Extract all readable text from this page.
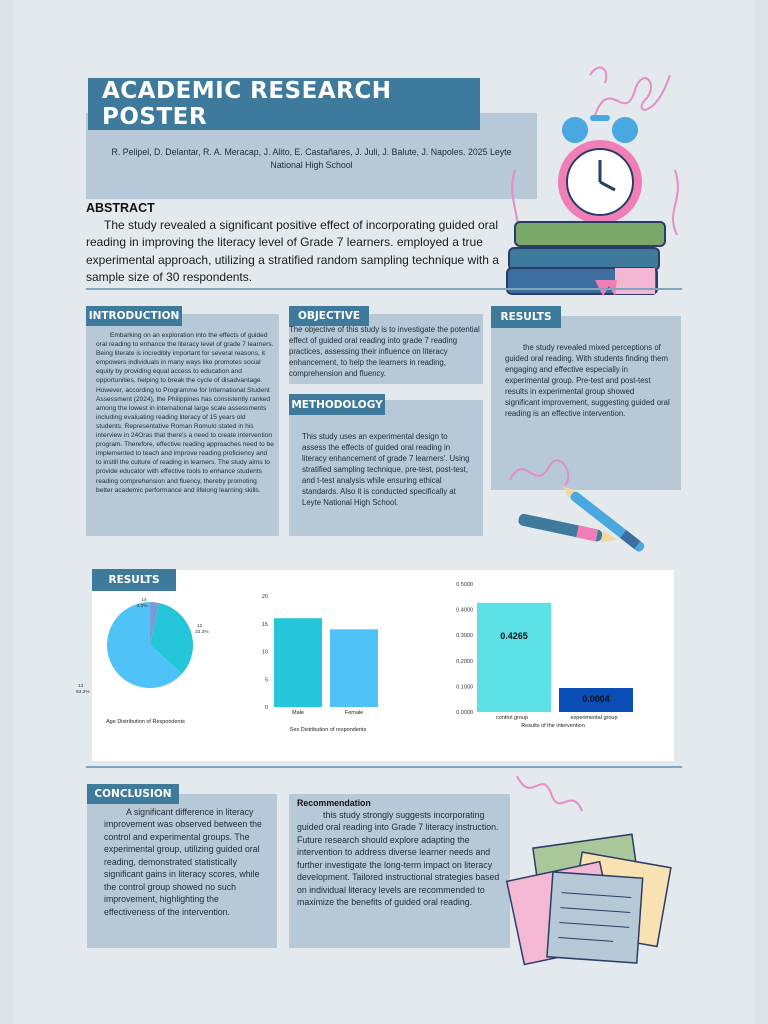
ACADEMIC RESEARCH POSTER
R. Pelipel, D. Delantar, R. A. Meracap, J. Alito, E. Castañares, J. Juli, J. Balute, J. Napoles. 2025 Leyte National High School
ABSTRACT
The study revealed a significant positive effect of incorporating guided oral reading in improving the literacy level of Grade 7 learners. employed a true experimental approach, utilizing a stratified random sampling technique with a sample size of 30 respondents.
INTRODUCTION
Embarking on an exploration into the effects of guided oral reading to enhance the literacy level of grade 7 learners. Being literate is incredibly important for several reasons, it empowers individuals in many ways like promotes social equity by providing equal access to education and opportunities, helping to break the cycle of disadvantage. However, according to Programme for International Student Assessment (2024), the Philippines has consistently ranked among the lowest in international large scale assessments including evaluating reading literacy of 15 years old students. Representative Roman Romulo stated in his interview in 24Oras that there's a need to create intervention program. Therefore, effective reading approaches need to be implemented to teach and improve reading proficiency and to instill the culture of reading in learners. The study aims to provide educator with effective tools to enhance students reading comprehension and fluency, thereby promoting better academic performance and lifelong learning skills.
OBJECTIVE
The objective of this study is to investigate the potential effect of guided oral reading into grade 7 reading practices, assessing their influence on literacy enhancement, to help the learners in reading, comprehension and fluency.
METHODOLOGY
This study uses an experimental design to assess the effects of guided oral reading in literacy enhancement of grade 7 learners'. Using stratified sampling technique, pre-test, post-test, and t-test analysis while ensuring ethical standards. Also it is conducted specifically at Leyte National High School.
RESULTS
the study revealed mixed perceptions of guided oral reading. With students finding them engaging and effective especially in experimental group. Pre-test and post-test results in experimental group showed significant improvement, suggesting guided oral reading is an effective intervention.
RESULTS
12
33.3%
13
63.3%
14
3.3%
Age Distribution of Respondents
0
5
10
15
20
Male	Female
Sex Distribution of respondents
0.0000
0.1000
0.2000
0.3000
0.4000
0.5000
0.4265
control group
0.0004
experimental group
Results of the intervention
CONCLUSION
A significant difference in literacy improvement was observed between the control and experimental groups. The experimental group, utilizing guided oral reading, demonstrated statistically significant gains in literacy scores, while the control group showed no such improvement, highlighting the effectiveness of the intervention.
Recommendation
this study strongly suggests incorporating guided oral reading into Grade 7 literacy instruction. Future research should explore adapting the intervention to address diverse learner needs and further investigate the long-term impact on literacy development. Tailored instructional strategies based on individual literacy levels are recommended to maximize the benefits of guided oral reading.
